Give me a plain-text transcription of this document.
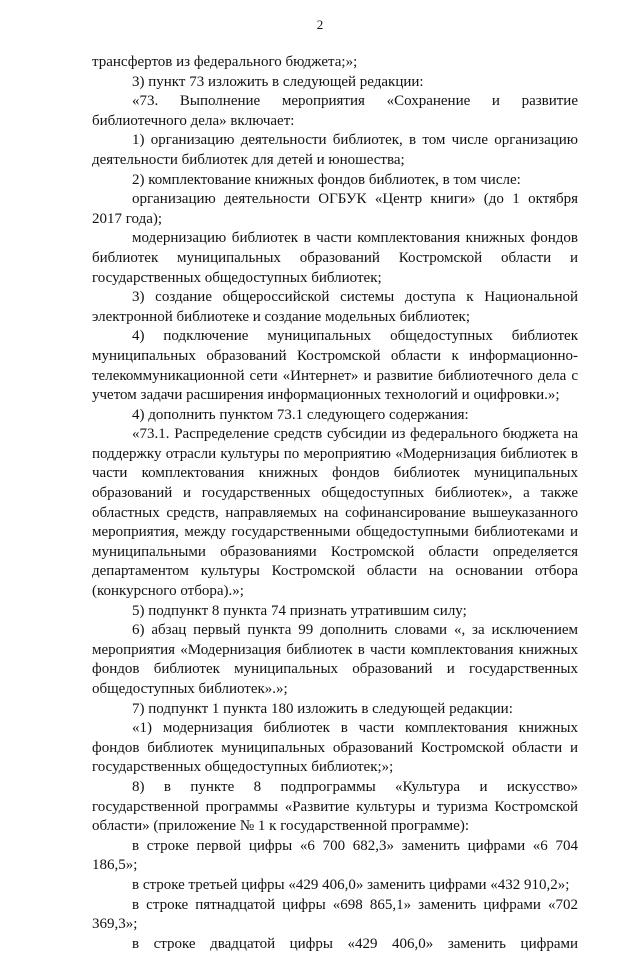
2

трансфертов из федерального бюджета;»;

3) пункт 73 изложить в следующей редакции:

«73. Выполнение мероприятия «Сохранение и развитие библиотечного дела» включает:

1) организацию деятельности библиотек, в том числе организацию деятельности библиотек для детей и юношества;

2) комплектование книжных фондов библиотек, в том числе:

организацию деятельности ОГБУК «Центр книги» (до 1 октября 2017 года);

модернизацию библиотек в части комплектования книжных фондов библиотек муниципальных образований Костромской области и государственных общедоступных библиотек;

3) создание общероссийской системы доступа к Национальной электронной библиотеке и создание модельных библиотек;

4) подключение муниципальных общедоступных библиотек муниципальных образований Костромской области к информационно-телекоммуникационной сети «Интернет» и развитие библиотечного дела с учетом задачи расширения информационных технологий и оцифровки.»;

4) дополнить пунктом 73.1 следующего содержания:

«73.1. Распределение средств субсидии из федерального бюджета на поддержку отрасли культуры по мероприятию «Модернизация библиотек в части комплектования книжных фондов библиотек муниципальных образований и государственных общедоступных библиотек», а также областных средств, направляемых на софинансирование вышеуказанного мероприятия, между государственными общедоступными библиотеками и муниципальными образованиями Костромской области определяется департаментом культуры Костромской области на основании отбора (конкурсного отбора).»;

5) подпункт 8 пункта 74 признать утратившим силу;

6) абзац первый пункта 99 дополнить словами «, за исключением мероприятия «Модернизация библиотек в части комплектования книжных фондов библиотек муниципальных образований и государственных общедоступных библиотек».»;

7) подпункт 1 пункта 180 изложить в следующей редакции:

«1) модернизация библиотек в части комплектования книжных фондов библиотек муниципальных образований Костромской области и государственных общедоступных библиотек;»;

8) в пункте 8 подпрограммы «Культура и искусство» государственной программы «Развитие культуры и туризма Костромской области» (приложение № 1 к государственной программе):

в строке первой цифры «6 700 682,3» заменить цифрами «6 704 186,5»;

в строке третьей цифры «429 406,0» заменить цифрами «432 910,2»;

в строке пятнадцатой цифры «698 865,1» заменить цифрами «702 369,3»;

в строке двадцатой цифры «429 406,0» заменить цифрами
